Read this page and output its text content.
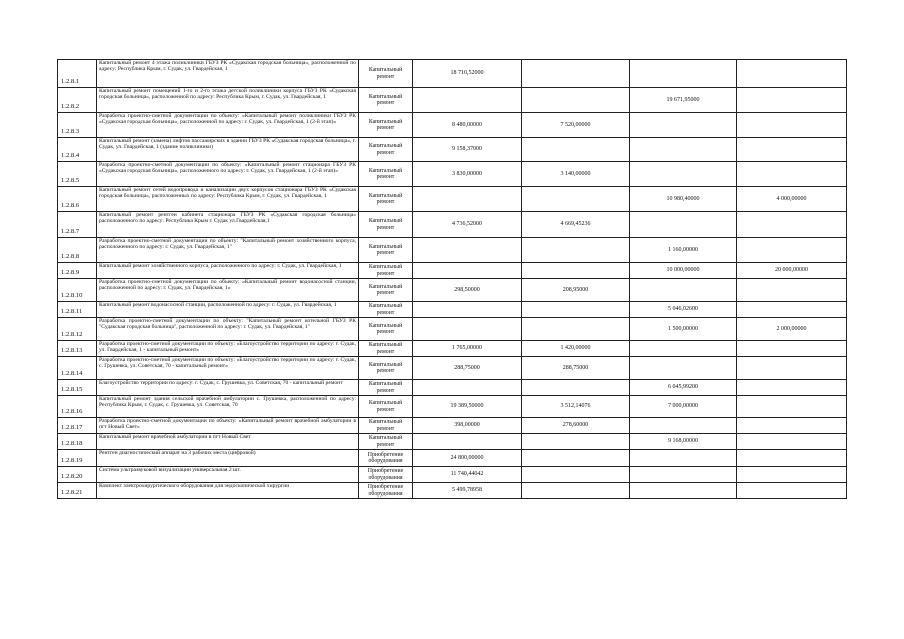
1.2.8.1	Капитальный ремонт 4 этажа поликлиники ГБУЗ РК «Судакская городская больница», расположенной по адресу: Республика Крым, г. Судак, ул. Гвардейская, 1	Капитальный ремонт	18 710,52000			
1.2.8.2	Капитальный ремонт помещений 1-го и 2-го этажа детской поликлиники корпуса ГБУЗ РК «Судакская городская больница», расположенной по адресу: Республика Крым, г. Судак, ул. Гвардейская, 1	Капитальный ремонт			19 671,95000	
1.2.8.3	Разработка проектно-сметной документации по объекту: «Капитальный ремонт поликлиники ГБУЗ РК «Судакская городская больница», расположенной по адресу: г. Судак, ул. Гвардейская, 1 (2-й этап)»	Капитальный ремонт	8 480,00000	7 520,00000		
1.2.8.4	Капитальный ремонт (замена) лифтов пассажирских в здании ГБУЗ РК «Судакская городская больница», г. Судак, ул. Гвардейская, 1 (здание поликлиники)	Капитальный ремонт	9 158,37000			
1.2.8.5	Разработка проектно-сметной документации по объекту: «Капитальный ремонт стационара ГБУЗ РК «Судакская городская больница», расположенного по адресу: г. Судак, ул. Гвардейская, 1 (2-й этап)»	Капитальный ремонт	3 830,00000	3 140,00000		
1.2.8.6	Капитальный ремонт сетей водопровода и канализации двух корпусов стационара ГБУЗ РК «Судакская городская больница», расположенных по адресу: Республика Крым, г. Судак, ул. Гвардейская, 1	Капитальный ремонт			10 980,40000	4 000,00000
1.2.8.7	Капитальный ремонт рентген кабинета стационара ГБУЗ РК «Судакская городская больница» расположенного по адресу: Республика Крым г. Судак ул.Гвардейская,1	Капитальный ремонт	4 736,52000	4 669,45236		
1.2.8.8	Разработка проектно-сметной документации по объекту: "Капитальный ремонт хозяйственного корпуса, расположенного по адресу: г. Судак, ул. Гвардейская, 1"	Капитальный ремонт			1 160,00000	
1.2.8.9	Капитальный ремонт хозяйственного корпуса, расположенного по адресу: г. Судак, ул. Гвардейская, 1	Капитальный ремонт			10 000,00000	20 000,00000
1.2.8.10	Разработка проектно-сметной документации по объекту: «Капитальный ремонт водонасосной станции, расположенной по адресу: г. Судак, ул. Гвардейская, 1»	Капитальный ремонт	298,50000	208,95000		
1.2.8.11	Капитальный ремонт водонасосной станции, расположенной по адресу: г. Судак, ул. Гвардейская, 1	Капитальный ремонт			5 046,02600	
1.2.8.12	Разработка проектно-сметной документации по объекту: "Капитальный ремонт котельной ГБУЗ РК "Судакская городская больница", расположенной по адресу: г. Судак, ул. Гвардейская, 1"	Капитальный ремонт			1 500,00000	2 000,00000
1.2.8.13	Разработка проектно-сметной документации по объекту: «Благоустройство территории по адресу: г. Судак, ул. Гвардейская, 1 - капитальный ремонт»	Капитальный ремонт	1 765,00000	1 420,00000		
1.2.8.14	Разработка проектно-сметной документации по объекту: «Благоустройство территории по адресу: г. Судак, с. Грушевка, ул. Советская, 70 - капитальный ремонт»	Капитальный ремонт	288,75000	288,75000		
1.2.8.15	Благоустройство территории по адресу: г. Судак, с. Грушевка, ул. Советская, 70 - капитальный ремонт	Капитальный ремонт			6 045,99200	
1.2.8.16	Капитальный ремонт здания сельской врачебной амбулатории с. Грушевка, расположенной по адресу: Республика Крым, г. Судак, с. Грушевка, ул. Советская, 70	Капитальный ремонт	19 389,50000	3 512,14076	7 000,00000	
1.2.8.17	Разработка проектно-сметной документации по объекту: «Капитальный ремонт врачебной амбулатории в пгт Новый Свет»	Капитальный ремонт	398,00000	278,60000		
1.2.8.18	Капитальный ремонт врачебной амбулатории в пгт Новый Свет	Капитальный ремонт			9 168,00000	
1.2.8.19	Рентген диагностический аппарат на 3 рабочих места (цифровой)	Приобретение оборудования	24 800,00000			
1.2.8.20	Система ультразвуковой визуализации универсальная 2 шт.	Приобретение оборудования	11 740,44042			
1.2.8.21	Комплект электрохирургического оборудования для эндоскопической хирургии	Приобретение оборудования	5 499,78958			
